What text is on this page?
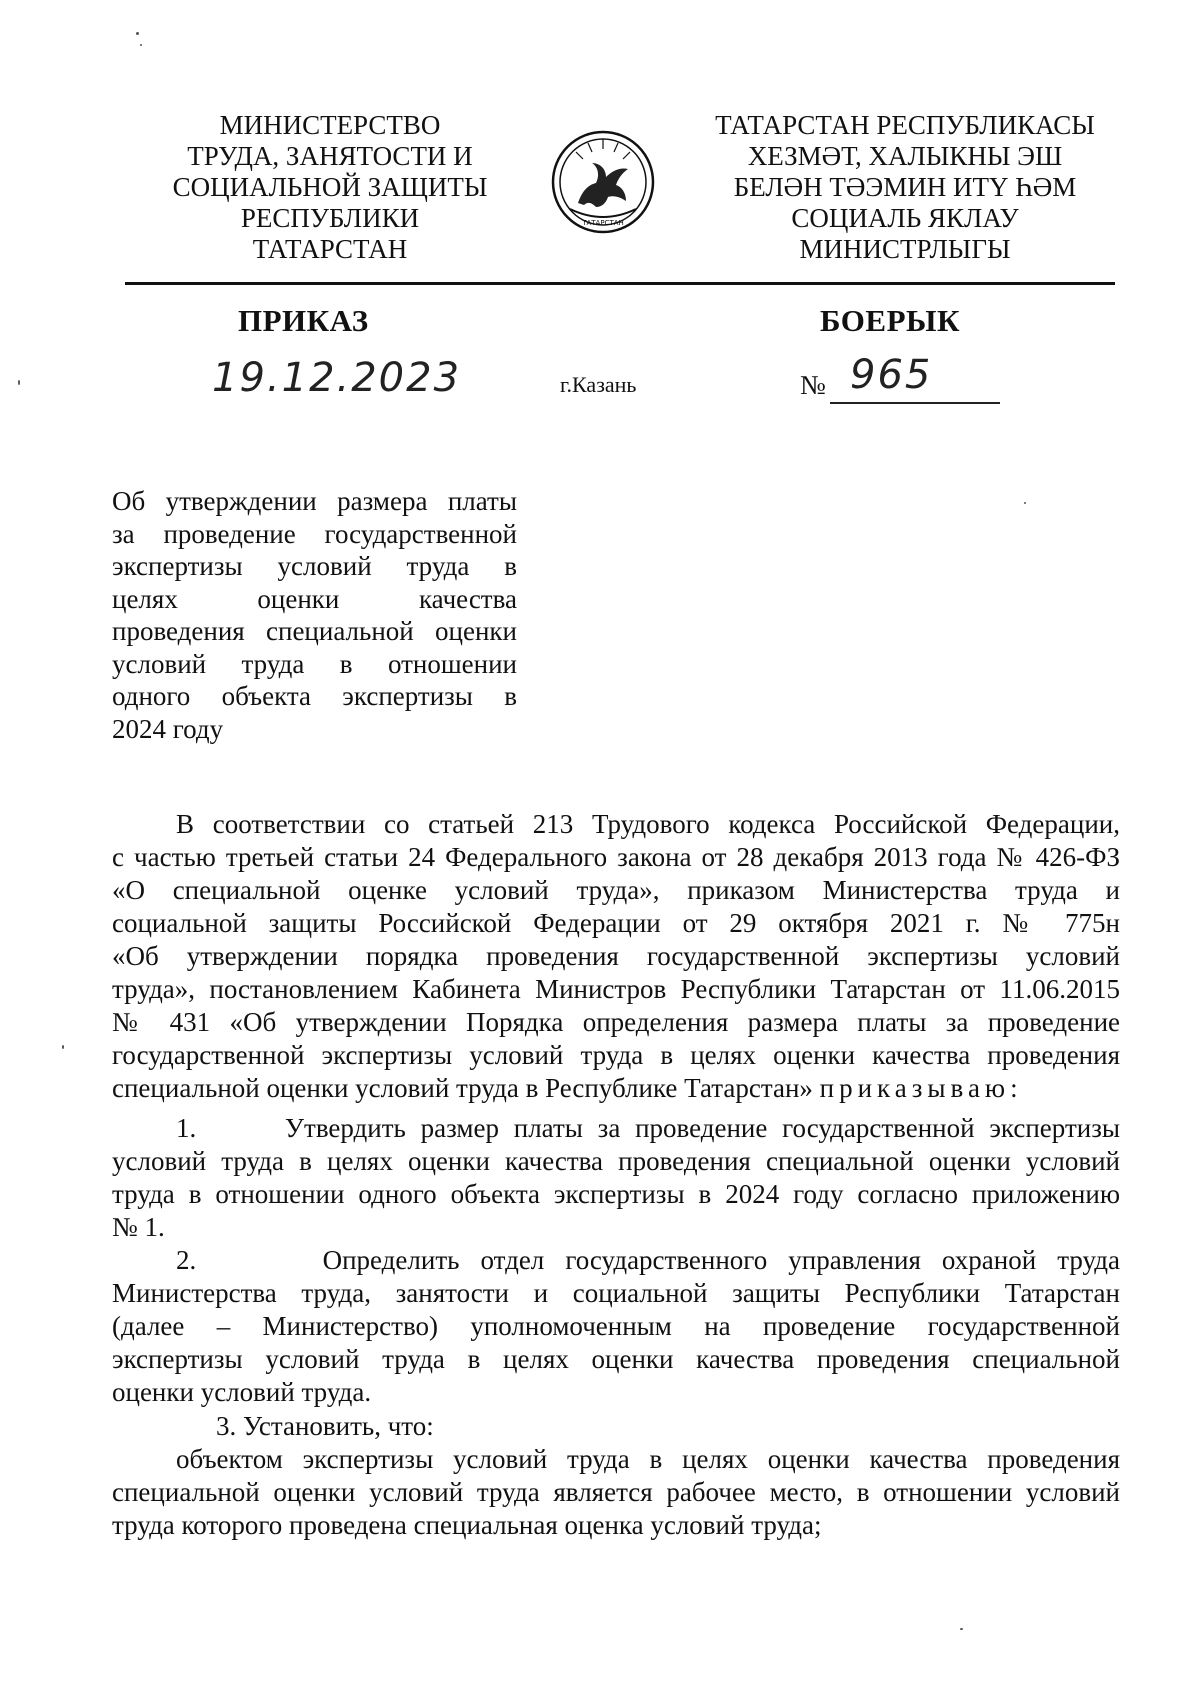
МИНИСТЕРСТВО
ТРУДА, ЗАНЯТОСТИ И
СОЦИАЛЬНОЙ ЗАЩИТЫ
РЕСПУБЛИКИ
ТАТАРСТАН
ТАТАРСТАН
ТАТАРСТАН РЕСПУБЛИКАСЫ
ХЕЗМӘТ, ХАЛЫКНЫ ЭШ
БЕЛӘН ТӘЭМИН ИТҮ ҺӘМ
СОЦИАЛЬ ЯКЛАУ
МИНИСТРЛЫГЫ
ПРИКАЗ	БОЕРЫК
19.12.2023	г.Казань	№ 965
Об утверждении размера платы
за проведение государственной
экспертизы условий труда в
целях оценки качества
проведения специальной оценки
условий труда в отношении
одного объекта экспертизы в
2024 году
В соответствии со статьей 213 Трудового кодекса Российской Федерации,
с частью третьей статьи 24 Федерального закона от 28 декабря 2013 года № 426-ФЗ
«О специальной оценке условий труда», приказом Министерства труда и
социальной защиты Российской Федерации от 29 октября 2021 г. № 775н
«Об утверждении порядка проведения государственной экспертизы условий
труда», постановлением Кабинета Министров Республики Татарстан от 11.06.2015
№ 431 «Об утверждении Порядка определения размера платы за проведение
государственной экспертизы условий труда в целях оценки качества проведения
специальной оценки условий труда в Республике Татарстан» приказываю:
1.      Утвердить размер платы за проведение государственной экспертизы
условий труда в целях оценки качества проведения специальной оценки условий
труда в отношении одного объекта экспертизы в 2024 году согласно приложению
№ 1.
2.      Определить отдел государственного управления охраной труда
Министерства труда, занятости и социальной защиты Республики Татарстан
(далее – Министерство) уполномоченным на проведение государственной
экспертизы условий труда в целях оценки качества проведения специальной
оценки условий труда.
3. Установить, что:
объектом экспертизы условий труда в целях оценки качества проведения
специальной оценки условий труда является рабочее место, в отношении условий
труда которого проведена специальная оценка условий труда;
